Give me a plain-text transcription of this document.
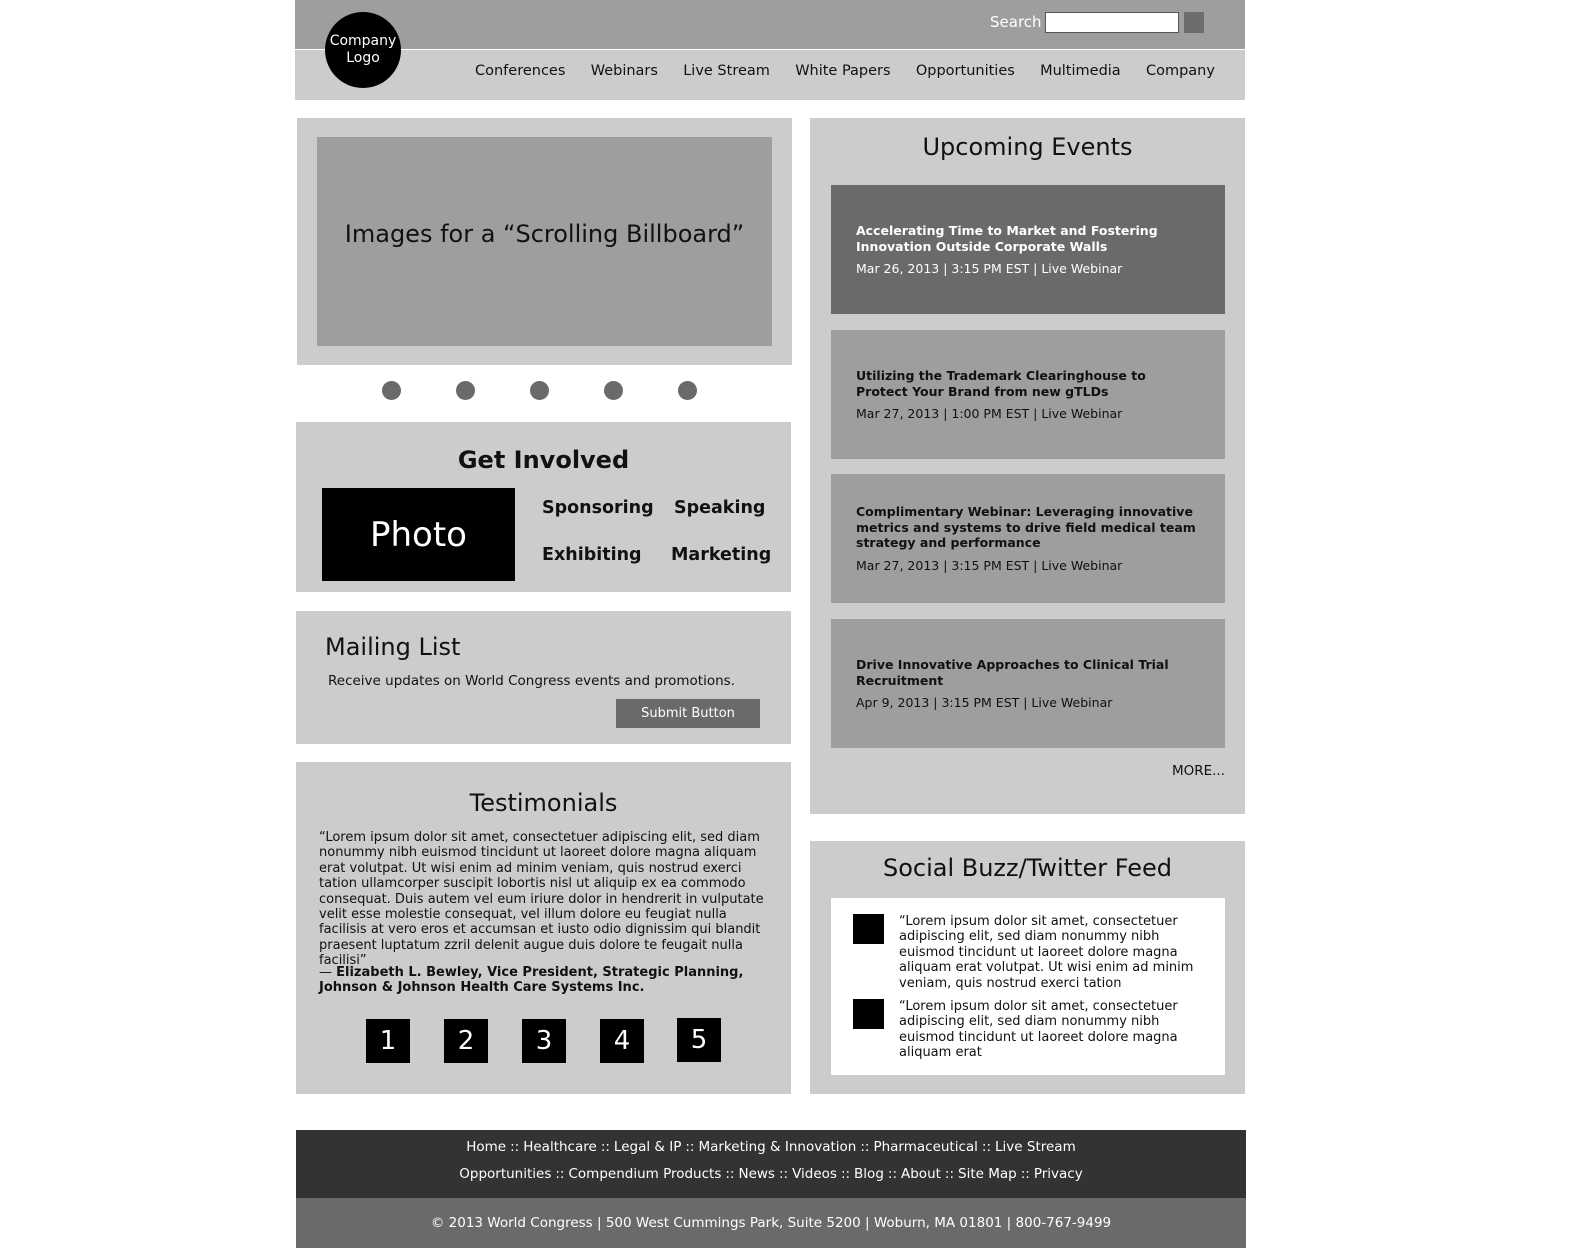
Company Logo
Search
Conferences Webinars Live Stream White Papers Opportunities Multimedia Company
Images for a “Scrolling Billboard”
Get Involved
Photo
Sponsoring Speaking
Exhibiting Marketing
Mailing List
Receive updates on World Congress events and promotions.
Submit Button
Testimonials
“Lorem ipsum dolor sit amet, consectetuer adipiscing elit, sed diam nonummy nibh euismod tincidunt ut laoreet dolore magna aliquam erat volutpat. Ut wisi enim ad minim veniam, quis nostrud exerci tation ullamcorper suscipit lobortis nisl ut aliquip ex ea commodo consequat. Duis autem vel eum iriure dolor in hendrerit in vulputate velit esse molestie consequat, vel illum dolore eu feugiat nulla facilisis at vero eros et accumsan et iusto odio dignissim qui blandit praesent luptatum zzril delenit augue duis dolore te feugait nulla facilisi”
— Elizabeth L. Bewley, Vice President, Strategic Planning, Johnson & Johnson Health Care Systems Inc.
1	2	3	4	5
Upcoming Events
Accelerating Time to Market and Fostering Innovation Outside Corporate Walls
Mar 26, 2013 | 3:15 PM EST | Live Webinar
Utilizing the Trademark Clearinghouse to Protect Your Brand from new gTLDs
Mar 27, 2013 | 1:00 PM EST | Live Webinar
Complimentary Webinar: Leveraging innovative metrics and systems to drive field medical team strategy and performance
Mar 27, 2013 | 3:15 PM EST | Live Webinar
Drive Innovative Approaches to Clinical Trial Recruitment
Apr 9, 2013 | 3:15 PM EST | Live Webinar
MORE...
Social Buzz/Twitter Feed
“Lorem ipsum dolor sit amet, consectetuer adipiscing elit, sed diam nonummy nibh euismod tincidunt ut laoreet dolore magna aliquam erat volutpat. Ut wisi enim ad minim veniam, quis nostrud exerci tation
“Lorem ipsum dolor sit amet, consectetuer adipiscing elit, sed diam nonummy nibh euismod tincidunt ut laoreet dolore magna aliquam erat
Home :: Healthcare :: Legal & IP :: Marketing & Innovation :: Pharmaceutical :: Live Stream
Opportunities :: Compendium Products :: News :: Videos :: Blog :: About :: Site Map :: Privacy
© 2013 World Congress | 500 West Cummings Park, Suite 5200 | Woburn, MA 01801 | 800-767-9499
